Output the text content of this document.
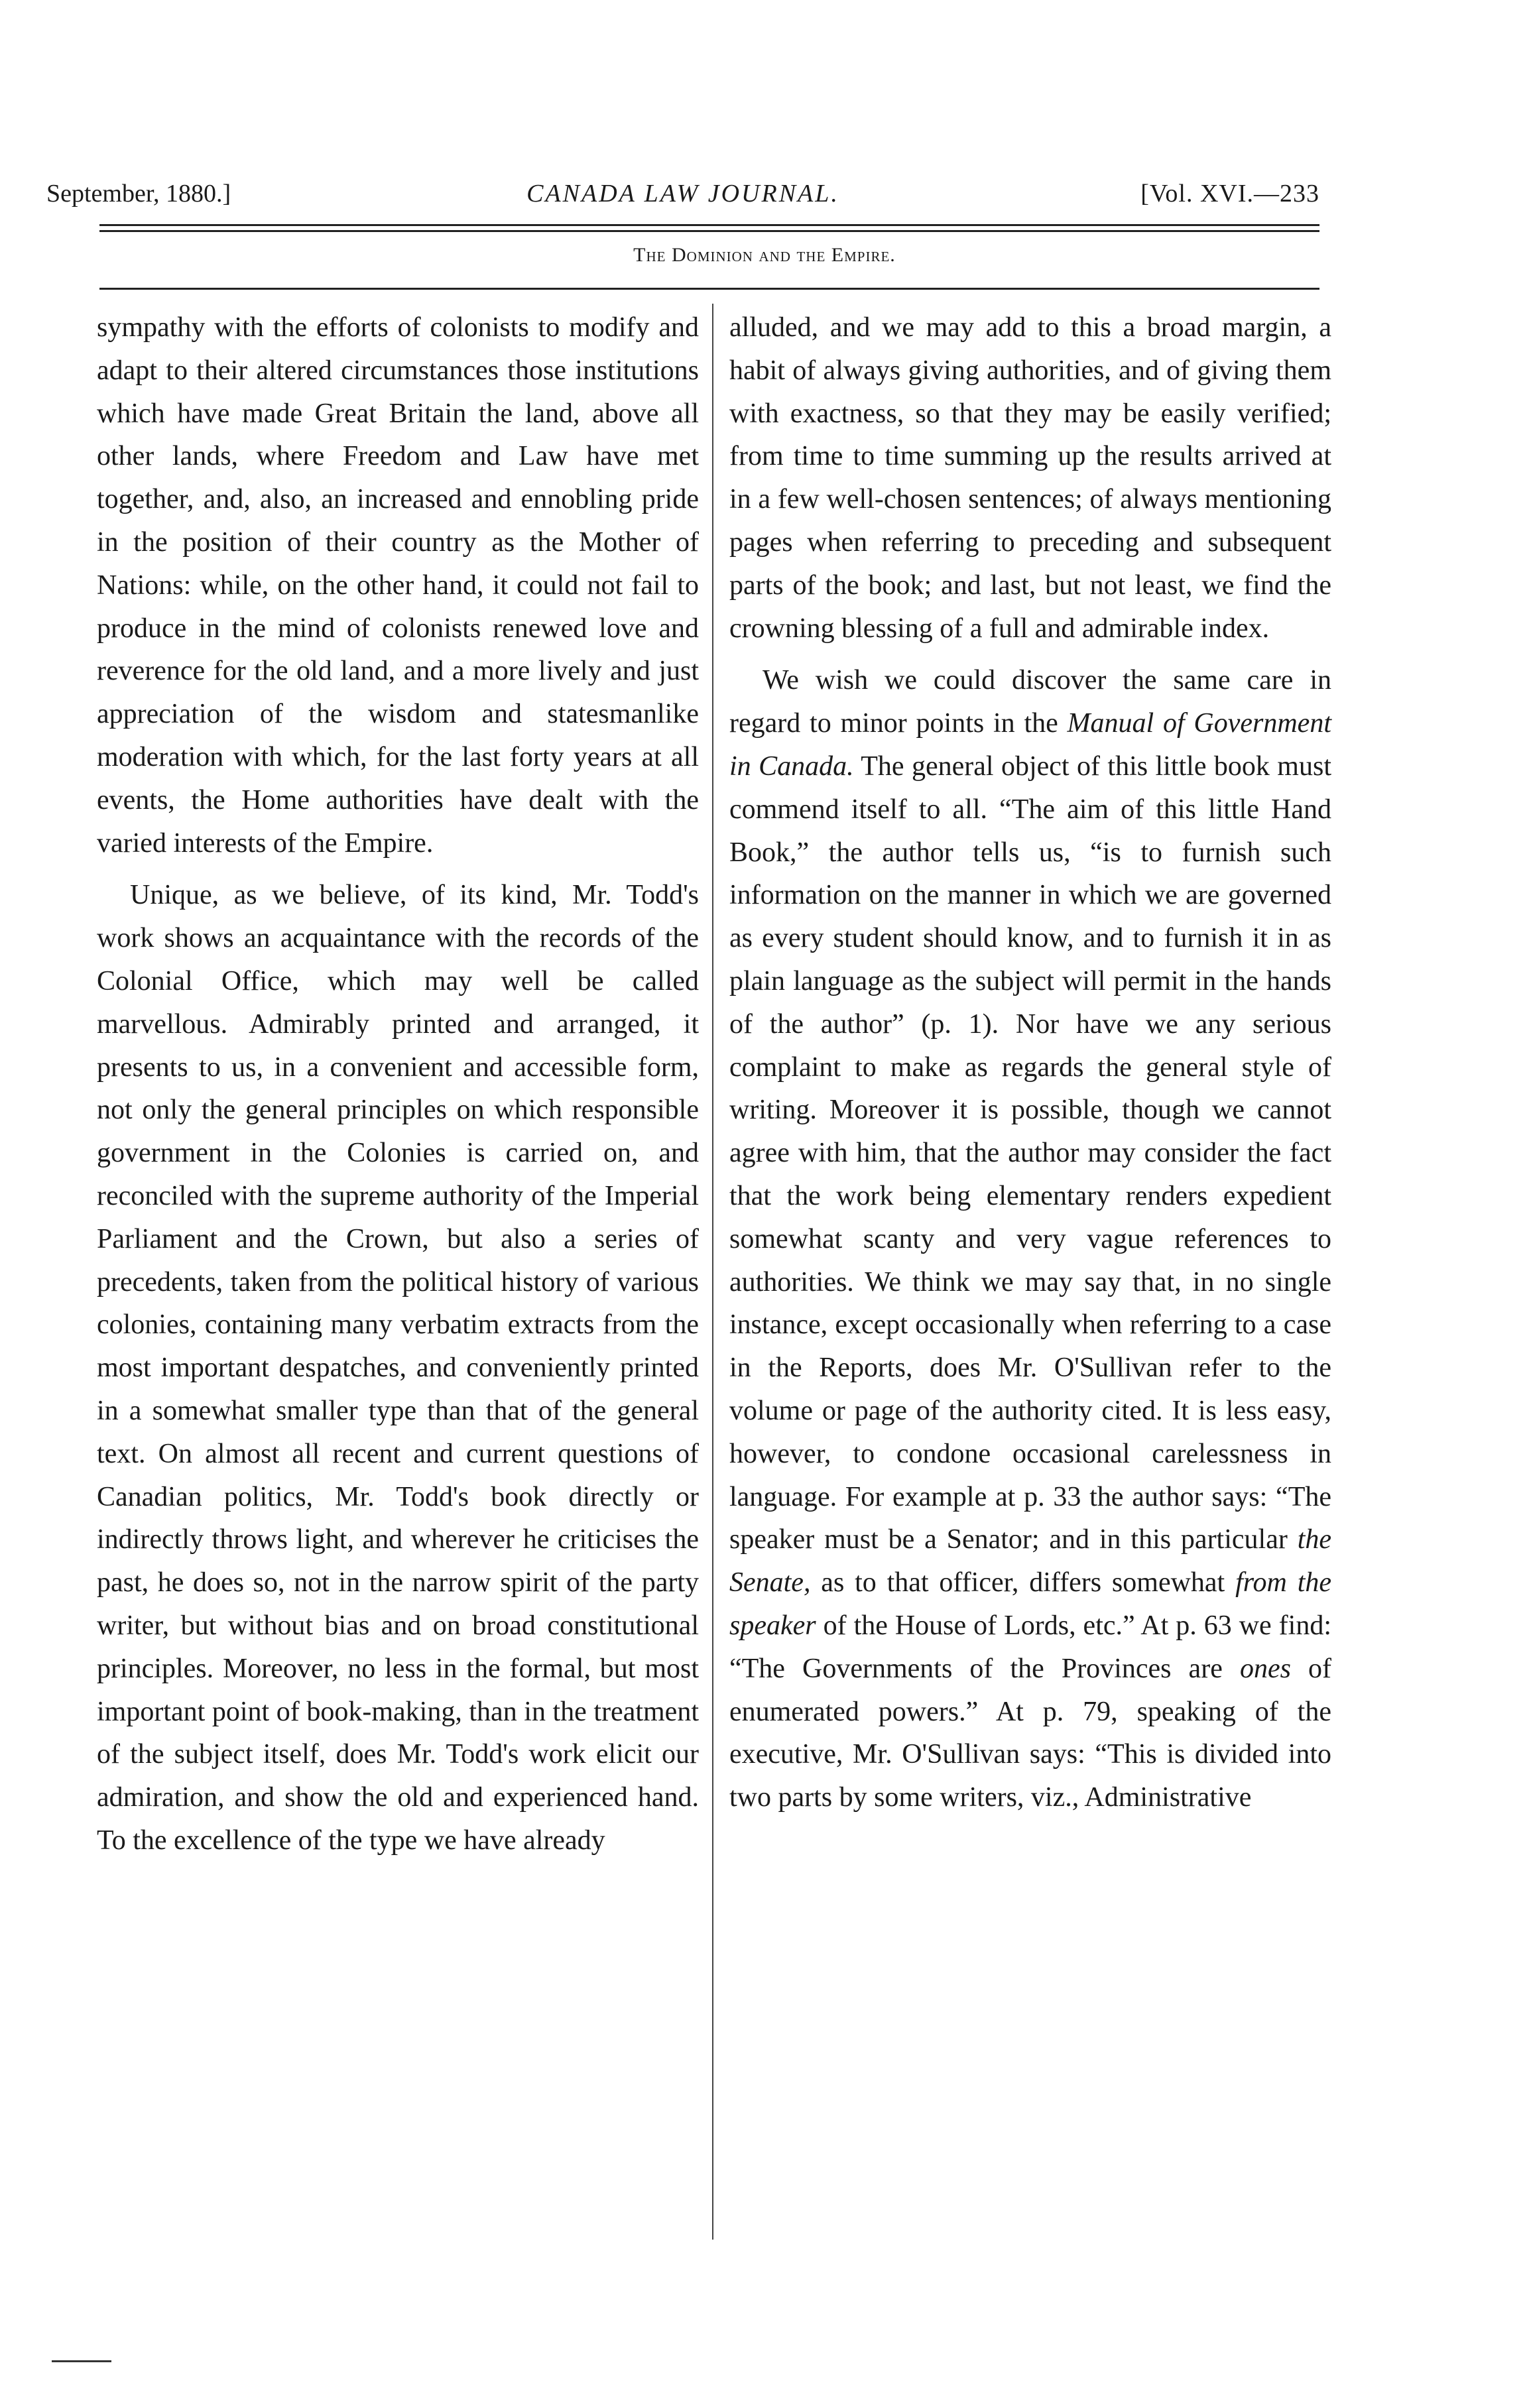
September, 1880.]	CANADA LAW JOURNAL.	[Vol. XVI.—233
The Dominion and the Empire.

sympathy with the efforts of colonists to modify and adapt to their altered circumstances those institutions which have made Great Britain the land, above all other lands, where Freedom and Law have met together, and, also, an increased and ennobling pride in the position of their country as the Mother of Nations: while, on the other hand, it could not fail to produce in the mind of colonists renewed love and reverence for the old land, and a more lively and just appreciation of the wisdom and statesmanlike moderation with which, for the last forty years at all events, the Home authorities have dealt with the varied interests of the Empire.

Unique, as we believe, of its kind, Mr. Todd's work shows an acquaintance with the records of the Colonial Office, which may well be called marvellous. Admirably printed and arranged, it presents to us, in a convenient and accessible form, not only the general principles on which responsible government in the Colonies is carried on, and reconciled with the supreme authority of the Imperial Parliament and the Crown, but also a series of precedents, taken from the political history of various colonies, containing many verbatim extracts from the most important despatches, and conveniently printed in a somewhat smaller type than that of the general text. On almost all recent and current questions of Canadian politics, Mr. Todd's book directly or indirectly throws light, and wherever he criticises the past, he does so, not in the narrow spirit of the party writer, but without bias and on broad constitutional principles. Moreover, no less in the formal, but most important point of book-making, than in the treatment of the subject itself, does Mr. Todd's work elicit our admiration, and show the old and experienced hand. To the excellence of the type we have already

alluded, and we may add to this a broad margin, a habit of always giving authorities, and of giving them with exactness, so that they may be easily verified; from time to time summing up the results arrived at in a few well-chosen sentences; of always mentioning pages when referring to preceding and subsequent parts of the book; and last, but not least, we find the crowning blessing of a full and admirable index.

We wish we could discover the same care in regard to minor points in the Manual of Government in Canada. The general object of this little book must commend itself to all. “The aim of this little Hand Book,” the author tells us, “is to furnish such information on the manner in which we are governed as every student should know, and to furnish it in as plain language as the subject will permit in the hands of the author” (p. 1). Nor have we any serious complaint to make as regards the general style of writing. Moreover it is possible, though we cannot agree with him, that the author may consider the fact that the work being elementary renders expedient somewhat scanty and very vague references to authorities. We think we may say that, in no single instance, except occasionally when referring to a case in the Reports, does Mr. O'Sullivan refer to the volume or page of the authority cited. It is less easy, however, to condone occasional carelessness in language. For example at p. 33 the author says: “The speaker must be a Senator; and in this particular the Senate, as to that officer, differs somewhat from the speaker of the House of Lords, etc.” At p. 63 we find: “The Governments of the Provinces are ones of enumerated powers.” At p. 79, speaking of the executive, Mr. O'Sullivan says: “This is divided into two parts by some writers, viz., Administrative
